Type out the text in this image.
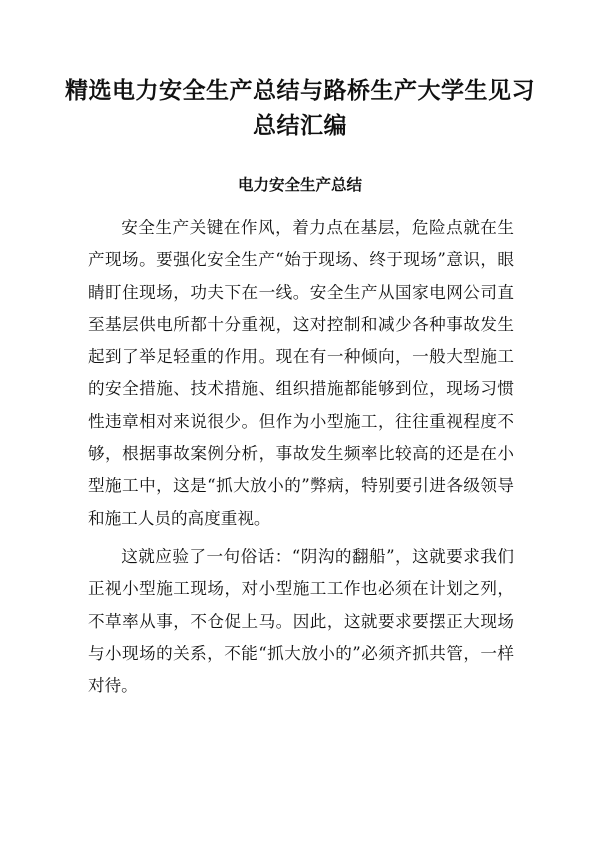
精选电力安全生产总结与路桥生产大学生见习总结汇编
电力安全生产总结

安全生产关键在作风，着力点在基层，危险点就在生产现场。要强化安全生产“始于现场、终于现场”意识，眼睛盯住现场，功夫下在一线。安全生产从国家电网公司直至基层供电所都十分重视，这对控制和减少各种事故发生起到了举足轻重的作用。现在有一种倾向，一般大型施工的安全措施、技术措施、组织措施都能够到位，现场习惯性违章相对来说很少。但作为小型施工，往往重视程度不够，根据事故案例分析，事故发生频率比较高的还是在小型施工中，这是“抓大放小的”弊病，特别要引进各级领导和施工人员的高度重视。

这就应验了一句俗话：“阴沟的翻船”，这就要求我们正视小型施工现场，对小型施工工作也必须在计划之列，不草率从事，不仓促上马。因此，这就要求要摆正大现场与小现场的关系，不能“抓大放小的”必须齐抓共管，一样对待。
